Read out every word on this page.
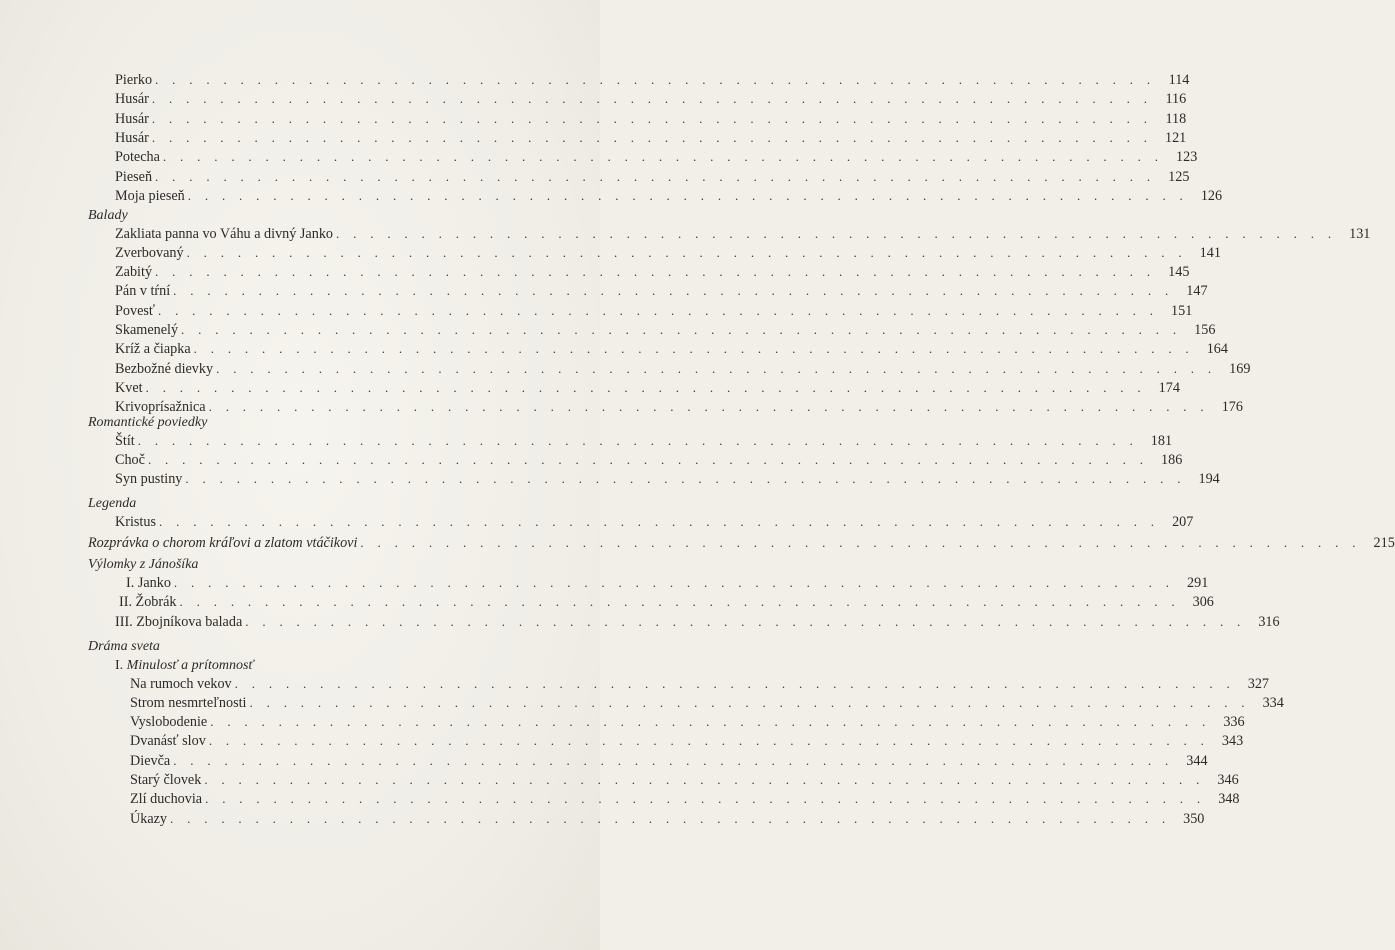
Pierko . . . . . . . . . . . . . . . . . . . . . . . . . . . . . . . . . . . . . . . . . . . . . . . . . . . . . . . . . . . 114
Husár . . . . . . . . . . . . . . . . . . . . . . . . . . . . . . . . . . . . . . . . . . . . . . . . . . . . . . . . . . . 116
Husár . . . . . . . . . . . . . . . . . . . . . . . . . . . . . . . . . . . . . . . . . . . . . . . . . . . . . . . . . . . 118
Husár . . . . . . . . . . . . . . . . . . . . . . . . . . . . . . . . . . . . . . . . . . . . . . . . . . . . . . . . . . . 121
Potecha . . . . . . . . . . . . . . . . . . . . . . . . . . . . . . . . . . . . . . . . . . . . . . . . . . . . . . . . . . . 123
Pieseň . . . . . . . . . . . . . . . . . . . . . . . . . . . . . . . . . . . . . . . . . . . . . . . . . . . . . . . . . . . 125
Moja pieseň . . . . . . . . . . . . . . . . . . . . . . . . . . . . . . . . . . . . . . . . . . . . . . . . . . . . . . . . . . . 126
Balady
Zakliata panna vo Váhu a divný Janko . . . . . . . . . . . . . . . . . . . . . . . . . . . . . . . . . . . . . . . . . . . . . . . . . . . . . . . . . . . 131
Zverbovaný . . . . . . . . . . . . . . . . . . . . . . . . . . . . . . . . . . . . . . . . . . . . . . . . . . . . . . . . . . . 141
Zabitý . . . . . . . . . . . . . . . . . . . . . . . . . . . . . . . . . . . . . . . . . . . . . . . . . . . . . . . . . . . 145
Pán v tŕní . . . . . . . . . . . . . . . . . . . . . . . . . . . . . . . . . . . . . . . . . . . . . . . . . . . . . . . . . . . 147
Povesť . . . . . . . . . . . . . . . . . . . . . . . . . . . . . . . . . . . . . . . . . . . . . . . . . . . . . . . . . . . 151
Skamenelý . . . . . . . . . . . . . . . . . . . . . . . . . . . . . . . . . . . . . . . . . . . . . . . . . . . . . . . . . . . 156
Kríž a čiapka . . . . . . . . . . . . . . . . . . . . . . . . . . . . . . . . . . . . . . . . . . . . . . . . . . . . . . . . . . . 164
Bezbožné dievky . . . . . . . . . . . . . . . . . . . . . . . . . . . . . . . . . . . . . . . . . . . . . . . . . . . . . . . . . . . 169
Kvet . . . . . . . . . . . . . . . . . . . . . . . . . . . . . . . . . . . . . . . . . . . . . . . . . . . . . . . . . . . 174
Krivoprísažnica . . . . . . . . . . . . . . . . . . . . . . . . . . . . . . . . . . . . . . . . . . . . . . . . . . . . . . . . . . . 176
Romantické poviedky
Štít . . . . . . . . . . . . . . . . . . . . . . . . . . . . . . . . . . . . . . . . . . . . . . . . . . . . . . . . . . . 181
Choč . . . . . . . . . . . . . . . . . . . . . . . . . . . . . . . . . . . . . . . . . . . . . . . . . . . . . . . . . . . 186
Syn pustiny . . . . . . . . . . . . . . . . . . . . . . . . . . . . . . . . . . . . . . . . . . . . . . . . . . . . . . . . . . . 194
Legenda
Kristus . . . . . . . . . . . . . . . . . . . . . . . . . . . . . . . . . . . . . . . . . . . . . . . . . . . . . . . . . . . 207
Rozprávka o chorom kráľovi a zlatom vtáčikovi . . . . . . . . . . . . . . . . . . . . . . . . . . . . . . . . . . . . . . . . . . . . . . . . . . . . . . . . . . . 215
Výlomky z Jánošíka
I. Janko . . . . . . . . . . . . . . . . . . . . . . . . . . . . . . . . . . . . . . . . . . . . . . . . . . . . . . . . . . . 291
II. Žobrák . . . . . . . . . . . . . . . . . . . . . . . . . . . . . . . . . . . . . . . . . . . . . . . . . . . . . . . . . . . 306
III. Zbojníkova balada . . . . . . . . . . . . . . . . . . . . . . . . . . . . . . . . . . . . . . . . . . . . . . . . . . . . . . . . . . . 316
Dráma sveta
I. Minulosť a prítomnosť
Na rumoch vekov . . . . . . . . . . . . . . . . . . . . . . . . . . . . . . . . . . . . . . . . . . . . . . . . . . . . . . . . . . . 327
Strom nesmrteľnosti . . . . . . . . . . . . . . . . . . . . . . . . . . . . . . . . . . . . . . . . . . . . . . . . . . . . . . . . . . . 334
Vyslobodenie . . . . . . . . . . . . . . . . . . . . . . . . . . . . . . . . . . . . . . . . . . . . . . . . . . . . . . . . . . . 336
Dvanásť slov . . . . . . . . . . . . . . . . . . . . . . . . . . . . . . . . . . . . . . . . . . . . . . . . . . . . . . . . . . . 343
Dievča . . . . . . . . . . . . . . . . . . . . . . . . . . . . . . . . . . . . . . . . . . . . . . . . . . . . . . . . . . . 344
Starý človek . . . . . . . . . . . . . . . . . . . . . . . . . . . . . . . . . . . . . . . . . . . . . . . . . . . . . . . . . . . 346
Zlí duchovia . . . . . . . . . . . . . . . . . . . . . . . . . . . . . . . . . . . . . . . . . . . . . . . . . . . . . . . . . . . 348
Úkazy . . . . . . . . . . . . . . . . . . . . . . . . . . . . . . . . . . . . . . . . . . . . . . . . . . . . . . . . . . . 350
